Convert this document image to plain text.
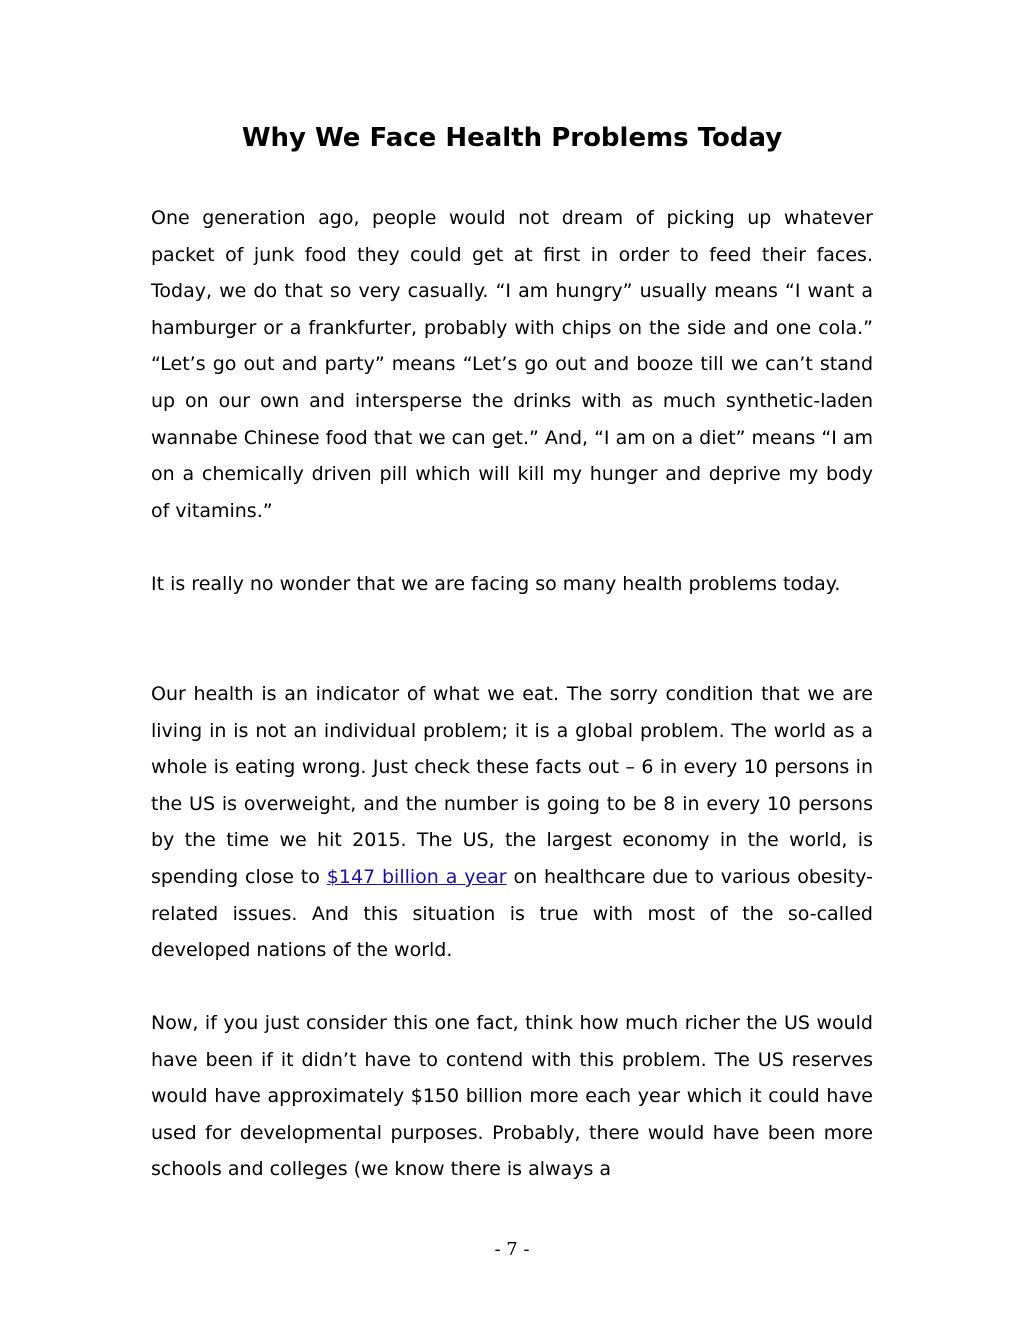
Why We Face Health Problems Today

One generation ago, people would not dream of picking up whatever packet of junk food they could get at first in order to feed their faces. Today, we do that so very casually. “I am hungry” usually means “I want a hamburger or a frankfurter, probably with chips on the side and one cola.” “Let’s go out and party” means “Let’s go out and booze till we can’t stand up on our own and intersperse the drinks with as much synthetic-laden wannabe Chinese food that we can get.” And, “I am on a diet” means “I am on a chemically driven pill which will kill my hunger and deprive my body of vitamins.”

It is really no wonder that we are facing so many health problems today.

Our health is an indicator of what we eat. The sorry condition that we are living in is not an individual problem; it is a global problem. The world as a whole is eating wrong. Just check these facts out – 6 in every 10 persons in the US is overweight, and the number is going to be 8 in every 10 persons by the time we hit 2015. The US, the largest economy in the world, is spending close to $147 billion a year on healthcare due to various obesity-related issues. And this situation is true with most of the so-called developed nations of the world.

Now, if you just consider this one fact, think how much richer the US would have been if it didn’t have to contend with this problem. The US reserves would have approximately $150 billion more each year which it could have used for developmental purposes. Probably, there would have been more schools and colleges (we know there is always a

- 7 -
